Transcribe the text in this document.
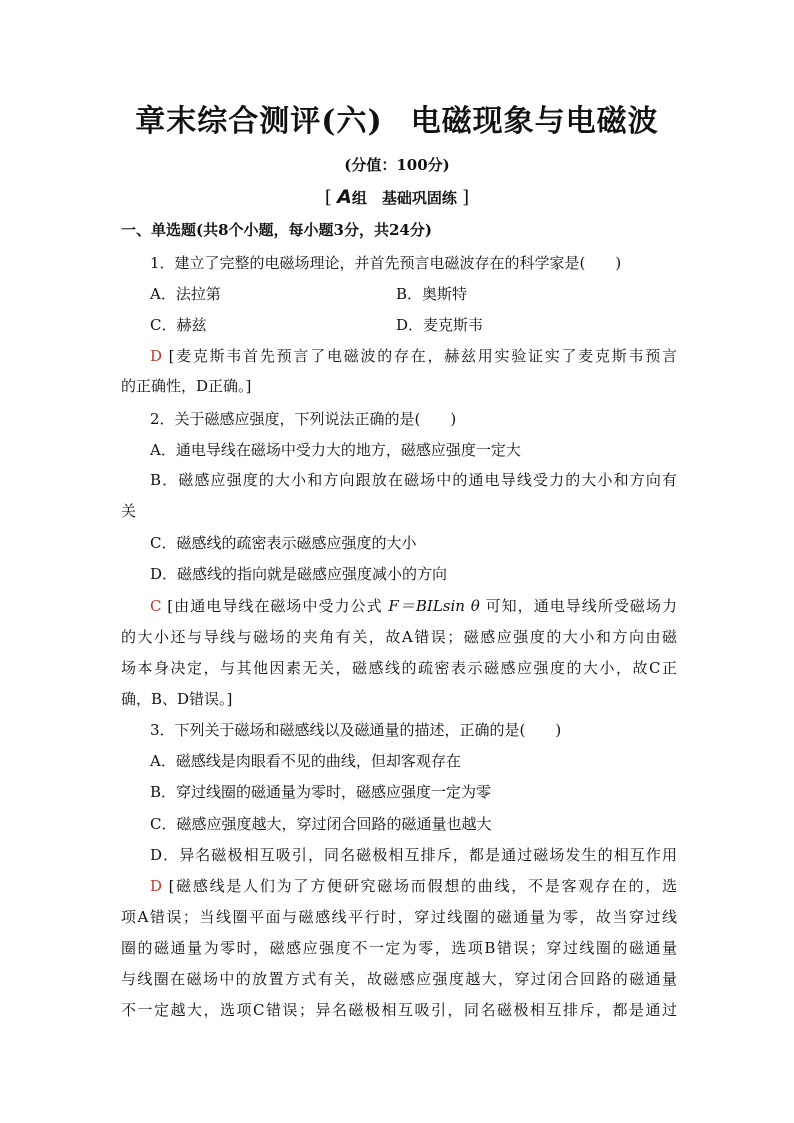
章末综合测评(六) 电磁现象与电磁波
(分值：100分)
[ A组　基础巩固练 ]
一、单选题(共8个小题，每小题3分，共24分)
1．建立了完整的电磁场理论，并首先预言电磁波存在的科学家是(　　)
A．法拉第	B．奥斯特
C．赫兹	D．麦克斯韦
D [麦克斯韦首先预言了电磁波的存在，赫兹用实验证实了麦克斯韦预言
的正确性，D正确。]
2．关于磁感应强度，下列说法正确的是(　　)
A．通电导线在磁场中受力大的地方，磁感应强度一定大
B．磁感应强度的大小和方向跟放在磁场中的通电导线受力的大小和方向有
关
C．磁感线的疏密表示磁感应强度的大小
D．磁感线的指向就是磁感应强度减小的方向
C [由通电导线在磁场中受力公式 F＝BILsin θ 可知，通电导线所受磁场力
的大小还与导线与磁场的夹角有关，故A错误；磁感应强度的大小和方向由磁
场本身决定，与其他因素无关，磁感线的疏密表示磁感应强度的大小，故C正
确，B、D错误。]
3．下列关于磁场和磁感线以及磁通量的描述，正确的是(　　)
A．磁感线是肉眼看不见的曲线，但却客观存在
B．穿过线圈的磁通量为零时，磁感应强度一定为零
C．磁感应强度越大，穿过闭合回路的磁通量也越大
D．异名磁极相互吸引，同名磁极相互排斥，都是通过磁场发生的相互作用
D [磁感线是人们为了方便研究磁场而假想的曲线，不是客观存在的，选
项A错误；当线圈平面与磁感线平行时，穿过线圈的磁通量为零，故当穿过线
圈的磁通量为零时，磁感应强度不一定为零，选项B错误；穿过线圈的磁通量
与线圈在磁场中的放置方式有关，故磁感应强度越大，穿过闭合回路的磁通量
不一定越大，选项C错误；异名磁极相互吸引，同名磁极相互排斥，都是通过
